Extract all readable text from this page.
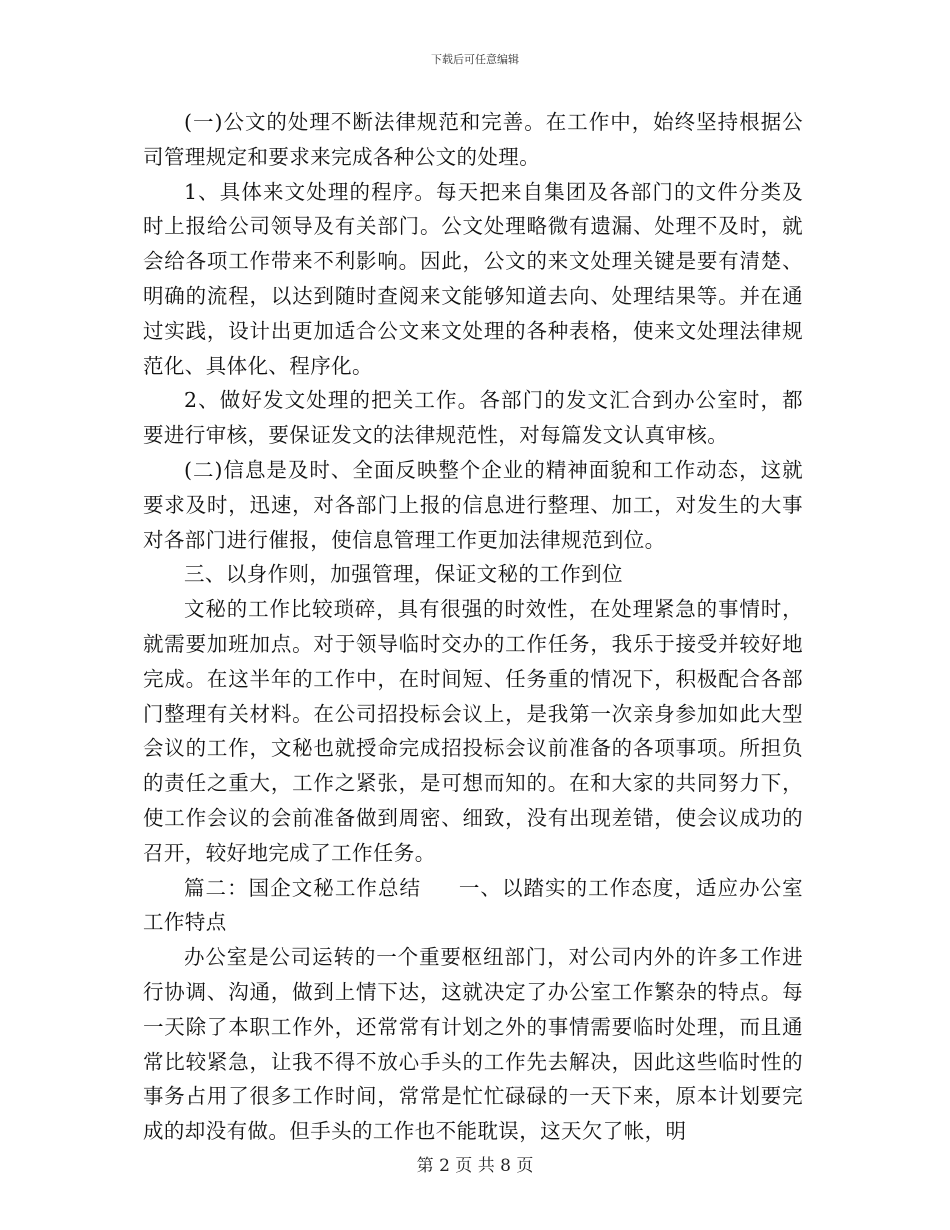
下载后可任意编辑

(一)公文的处理不断法律规范和完善。在工作中，始终坚持根据公司管理规定和要求来完成各种公文的处理。

1、具体来文处理的程序。每天把来自集团及各部门的文件分类及时上报给公司领导及有关部门。公文处理略微有遗漏、处理不及时，就会给各项工作带来不利影响。因此，公文的来文处理关键是要有清楚、明确的流程，以达到随时查阅来文能够知道去向、处理结果等。并在通过实践，设计出更加适合公文来文处理的各种表格，使来文处理法律规范化、具体化、程序化。

2、做好发文处理的把关工作。各部门的发文汇合到办公室时，都要进行审核，要保证发文的法律规范性，对每篇发文认真审核。

(二)信息是及时、全面反映整个企业的精神面貌和工作动态，这就要求及时，迅速，对各部门上报的信息进行整理、加工，对发生的大事对各部门进行催报，使信息管理工作更加法律规范到位。

三、以身作则，加强管理，保证文秘的工作到位

文秘的工作比较琐碎，具有很强的时效性，在处理紧急的事情时，就需要加班加点。对于领导临时交办的工作任务，我乐于接受并较好地完成。在这半年的工作中，在时间短、任务重的情况下，积极配合各部门整理有关材料。在公司招投标会议上，是我第一次亲身参加如此大型会议的工作，文秘也就授命完成招投标会议前准备的各项事项。所担负的责任之重大，工作之紧张，是可想而知的。在和大家的共同努力下，使工作会议的会前准备做到周密、细致，没有出现差错，使会议成功的召开，较好地完成了工作任务。

篇二：国企文秘工作总结     一、以踏实的工作态度，适应办公室工作特点

办公室是公司运转的一个重要枢纽部门，对公司内外的许多工作进行协调、沟通，做到上情下达，这就决定了办公室工作繁杂的特点。每一天除了本职工作外，还常常有计划之外的事情需要临时处理，而且通常比较紧急，让我不得不放心手头的工作先去解决，因此这些临时性的事务占用了很多工作时间，常常是忙忙碌碌的一天下来，原本计划要完成的却没有做。但手头的工作也不能耽误，这天欠了帐，明

第 2 页 共 8 页
